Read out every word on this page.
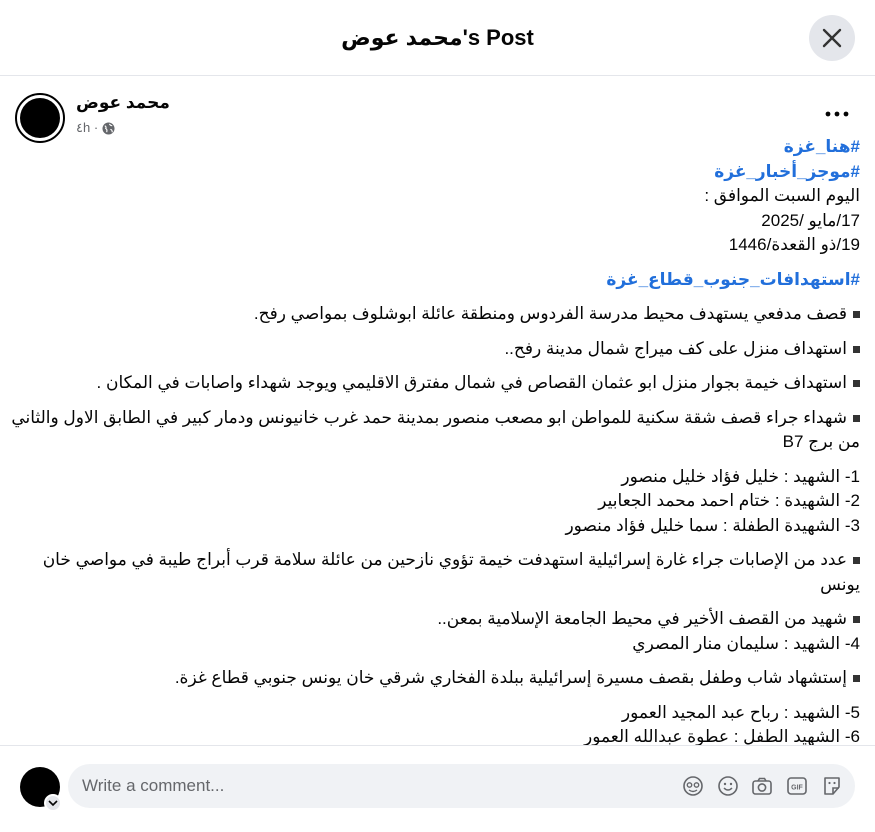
محمد عوض's Post
محمد عوض
٤h ·
#هنا_غزة
#موجز_أخبار_غزة
اليوم السبت الموافق :
17/مايو /2025
19/ذو القعدة/1446
#استهدافات_جنوب_قطاع_غزة
قصف مدفعي يستهدف محيط مدرسة الفردوس ومنطقة عائلة ابوشلوف بمواصي رفح.
استهداف منزل على كف ميراج شمال مدينة رفح..
استهداف خيمة بجوار منزل ابو عثمان القصاص في شمال مفترق الاقليمي ويوجد شهداء واصابات في المكان .
شهداء جراء قصف شقة سكنية للمواطن ابو مصعب منصور بمدينة حمد غرب خانيونس ودمار كبير في الطابق الاول والثاني من برج B7
1- الشهيد : خليل فؤاد خليل منصور
2- الشهيدة : ختام احمد محمد الجعابير
3- الشهيدة الطفلة : سما خليل فؤاد منصور
عدد من الإصابات جراء غارة إسرائيلية استهدفت خيمة تؤوي نازحين من عائلة سلامة قرب أبراج طيبة في مواصي خان يونس
شهيد من القصف الأخير في محيط الجامعة الإسلامية بمعن..
4- الشهيد : سليمان منار المصري
إستشهاد شاب وطفل بقصف مسيرة إسرائيلية ببلدة الفخاري شرقي خان يونس جنوبي قطاع غزة.
5- الشهيد : رباح عبد المجيد العمور
6- الشهيد الطفل : عطوة عبدالله العمور
Write a comment...	GIF
